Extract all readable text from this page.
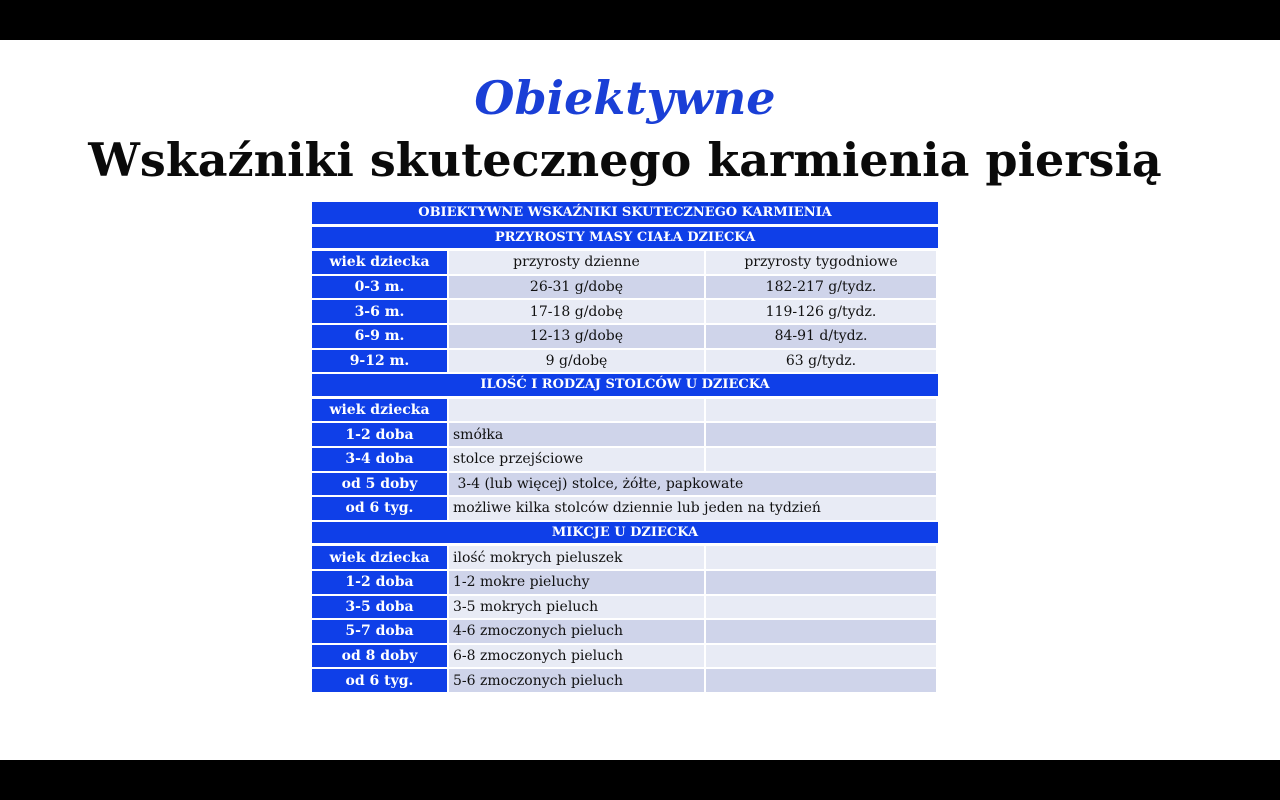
Obiektywne
Wskaźniki skutecznego karmienia piersią
OBIEKTYWNE WSKAŹNIKI SKUTECZNEGO KARMIENIA		
PRZYROSTY MASY CIAŁA DZIECKA		
wiek dziecka	przyrosty dzienne	przyrosty tygodniowe
0-3 m.	26-31 g/dobę	182-217 g/tydz.
3-6 m.	17-18 g/dobę	119-126 g/tydz.
6-9 m.	12-13 g/dobę	84-91 d/tydz.
9-12 m.	9 g/dobę	63 g/tydz.
ILOŚĆ I RODZAJ STOLCÓW U DZIECKA		
wiek dziecka		
1-2 doba	smółka	
3-4 doba	stolce przejściowe	
od 5 doby	3-4 (lub więcej) stolce, żółte, papkowate	
od 6 tyg.	możliwe kilka stolców dziennie lub jeden na tydzień	
MIKCJE U DZIECKA		
wiek dziecka	ilość mokrych pieluszek	
1-2 doba	1-2 mokre pieluchy	
3-5 doba	3-5 mokrych pieluch	
5-7 doba	4-6 zmoczonych pieluch	
od 8 doby	6-8 zmoczonych pieluch	
od 6 tyg.	5-6 zmoczonych pieluch	
